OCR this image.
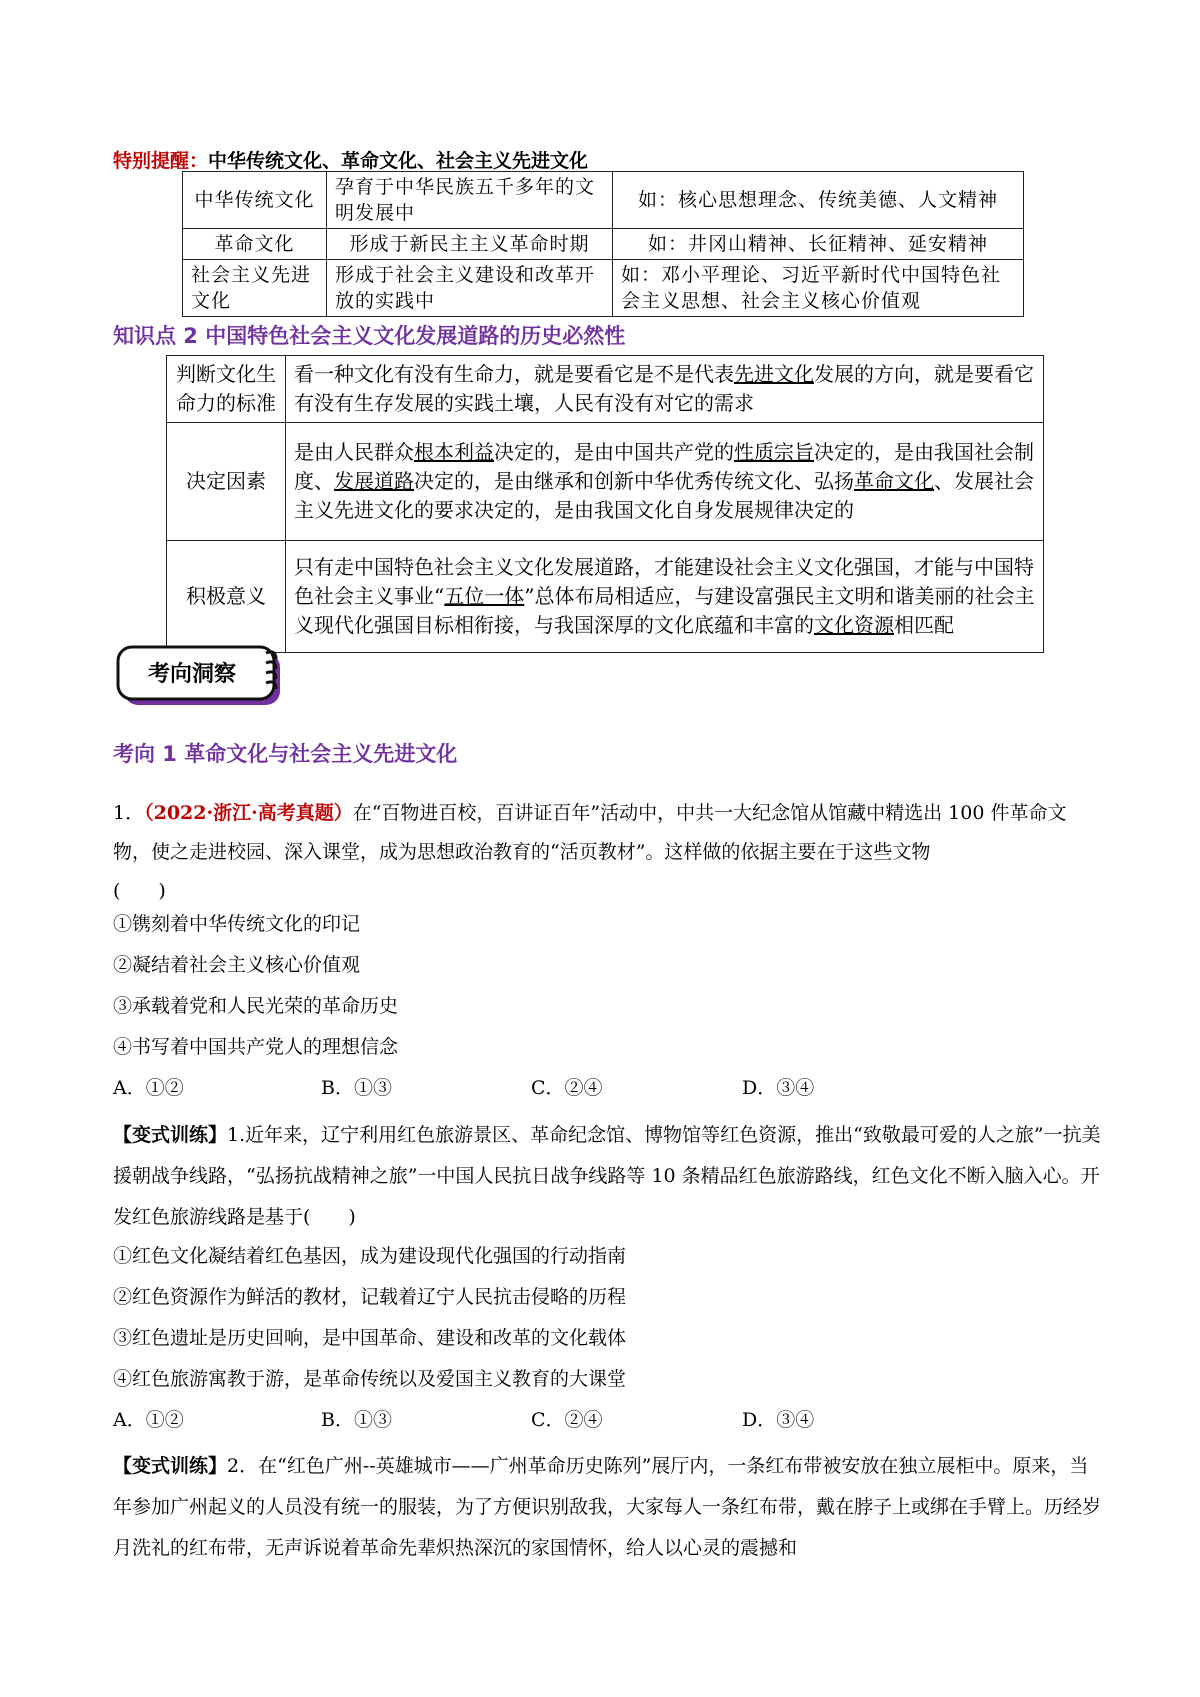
特别提醒：中华传统文化、革命文化、社会主义先进文化
中华传统文化	孕育于中华民族五千多年的文明发展中	如：核心思想理念、传统美德、人文精神
革命文化	形成于新民主主义革命时期	如：井冈山精神、长征精神、延安精神
社会主义先进文化	形成于社会主义建设和改革开放的实践中	如：邓小平理论、习近平新时代中国特色社会主义思想、社会主义核心价值观
知识点 2 中国特色社会主义文化发展道路的历史必然性
判断文化生命力的标准	看一种文化有没有生命力，就是要看它是不是代表先进文化发展的方向，就是要看它有没有生存发展的实践土壤，人民有没有对它的需求
决定因素	是由人民群众根本利益决定的，是由中国共产党的性质宗旨决定的，是由我国社会制度、发展道路决定的，是由继承和创新中华优秀传统文化、弘扬革命文化、发展社会主义先进文化的要求决定的，是由我国文化自身发展规律决定的
积极意义	只有走中国特色社会主义文化发展道路，才能建设社会主义文化强国，才能与中国特色社会主义事业“五位一体”总体布局相适应，与建设富强民主文明和谐美丽的社会主义现代化强国目标相衔接，与我国深厚的文化底蕴和丰富的文化资源相匹配
考向洞察
考向 1 革命文化与社会主义先进文化
1．（2022·浙江·高考真题）在“百物进百校，百讲证百年”活动中，中共一大纪念馆从馆藏中精选出 100 件革命文物，使之走进校园、深入课堂，成为思想政治教育的“活页教材”。这样做的依据主要在于这些文物
(　　)
①镌刻着中华传统文化的印记
②凝结着社会主义核心价值观
③承载着党和人民光荣的革命历史
④书写着中国共产党人的理想信念
A．①②	B．①③	C．②④	D．③④
【变式训练】1.近年来，辽宁利用红色旅游景区、革命纪念馆、博物馆等红色资源，推出“致敬最可爱的人之旅”一抗美援朝战争线路，“弘扬抗战精神之旅”一中国人民抗日战争线路等 10 条精品红色旅游路线，红色文化不断入脑入心。开发红色旅游线路是基于(　　)
①红色文化凝结着红色基因，成为建设现代化强国的行动指南
②红色资源作为鲜活的教材，记载着辽宁人民抗击侵略的历程
③红色遗址是历史回响，是中国革命、建设和改革的文化载体
④红色旅游寓教于游，是革命传统以及爱国主义教育的大课堂
A．①②	B．①③	C．②④	D．③④
【变式训练】2．在“红色广州--英雄城市——广州革命历史陈列”展厅内，一条红布带被安放在独立展柜中。原来，当年参加广州起义的人员没有统一的服装，为了方便识别敌我，大家每人一条红布带，戴在脖子上或绑在手臂上。历经岁月洗礼的红布带，无声诉说着革命先辈炽热深沉的家国情怀，给人以心灵的震撼和
